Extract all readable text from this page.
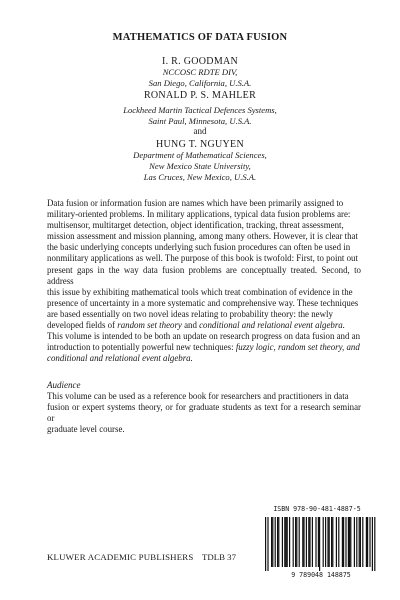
MATHEMATICS OF DATA FUSION
I. R. GOODMAN
NCCOSC RDTE DIV,
San Diego, California, U.S.A.
RONALD P. S. MAHLER
Lockheed Martin Tactical Defences Systems,
Saint Paul, Minnesota, U.S.A.
and
HUNG T. NGUYEN
Department of Mathematical Sciences,
New Mexico State University,
Las Cruces, New Mexico, U.S.A.
Data fusion or information fusion are names which have been primarily assigned to
military-oriented problems. In military applications, typical data fusion problems are:
multisensor, multitarget detection, object identification, tracking, threat assessment,
mission assessment and mission planning, among many others. However, it is clear that
the basic underlying concepts underlying such fusion procedures can often be used in
nonmilitary applications as well. The purpose of this book is twofold: First, to point out
present gaps in the way data fusion problems are conceptually treated. Second, to address
this issue by exhibiting mathematical tools which treat combination of evidence in the
presence of uncertainty in a more systematic and comprehensive way. These techniques
are based essentially on two novel ideas relating to probability theory: the newly
developed fields of random set theory and conditional and relational event algebra.
This volume is intended to be both an update on research progress on data fusion and an
introduction to potentially powerful new techniques: fuzzy logic, random set theory, and
conditional and relational event algebra.
Audience
This volume can be used as a reference book for researchers and practitioners in data
fusion or expert systems theory, or for graduate students as text for a research seminar or
graduate level course.
ISBN 978-90-481-4887-5
9 789048 148875
KLUWER ACADEMIC PUBLISHERS TDLB 37
